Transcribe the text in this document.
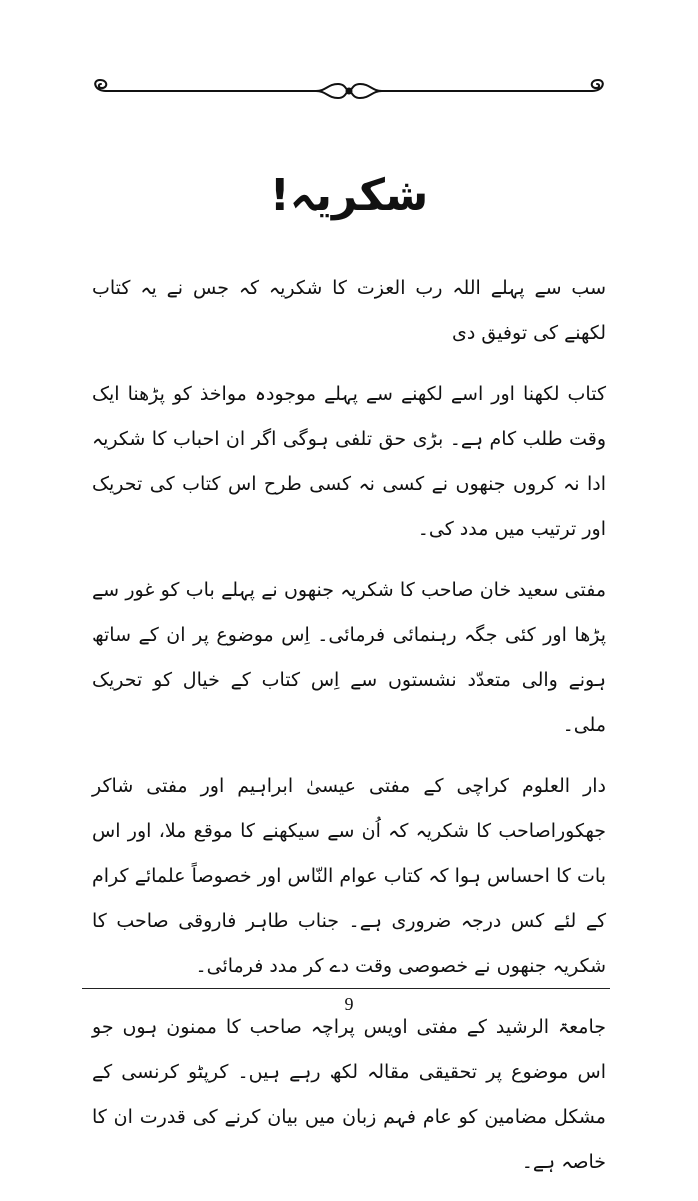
شکریہ!

سب سے پہلے اللہ رب العزت کا شکریہ کہ جس نے یہ کتاب لکھنے کی توفیق دی

کتاب لکھنا اور اسے لکھنے سے پہلے موجودہ مواخذ کو پڑھنا ایک وقت طلب کام ہے۔ بڑی حق تلفی ہوگی اگر ان احباب کا شکریہ ادا نہ کروں جنھوں نے کسی نہ کسی طرح اس کتاب کی تحریک اور ترتیب میں مدد کی۔

مفتی سعید خان صاحب کا شکریہ جنھوں نے پہلے باب کو غور سے پڑھا اور کئی جگہ رہنمائی فرمائی۔ اِس موضوع پر ان کے ساتھ ہونے والی متعدّد نشستوں سے اِس کتاب کے خیال کو تحریک ملی۔

دار العلوم کراچی کے مفتی عیسیٰ ابراہیم اور مفتی شاکر جھکوراصاحب کا شکریہ کہ اُن سے سیکھنے کا موقع ملا، اور اس بات کا احساس ہوا کہ کتاب عوام النّاس اور خصوصاً علمائے کرام کے لئے کس درجہ ضروری ہے۔ جناب طاہر فاروقی صاحب کا شکریہ جنھوں نے خصوصی وقت دے کر مدد فرمائی۔

جامعۃ الرشید کے مفتی اویس پراچہ صاحب کا ممنون ہوں جو اس موضوع پر تحقیقی مقالہ لکھ رہے ہیں۔ کرپٹو کرنسی کے مشکل مضامین کو عام فہم زبان میں بیان کرنے کی قدرت ان کا خاصہ ہے۔

9
